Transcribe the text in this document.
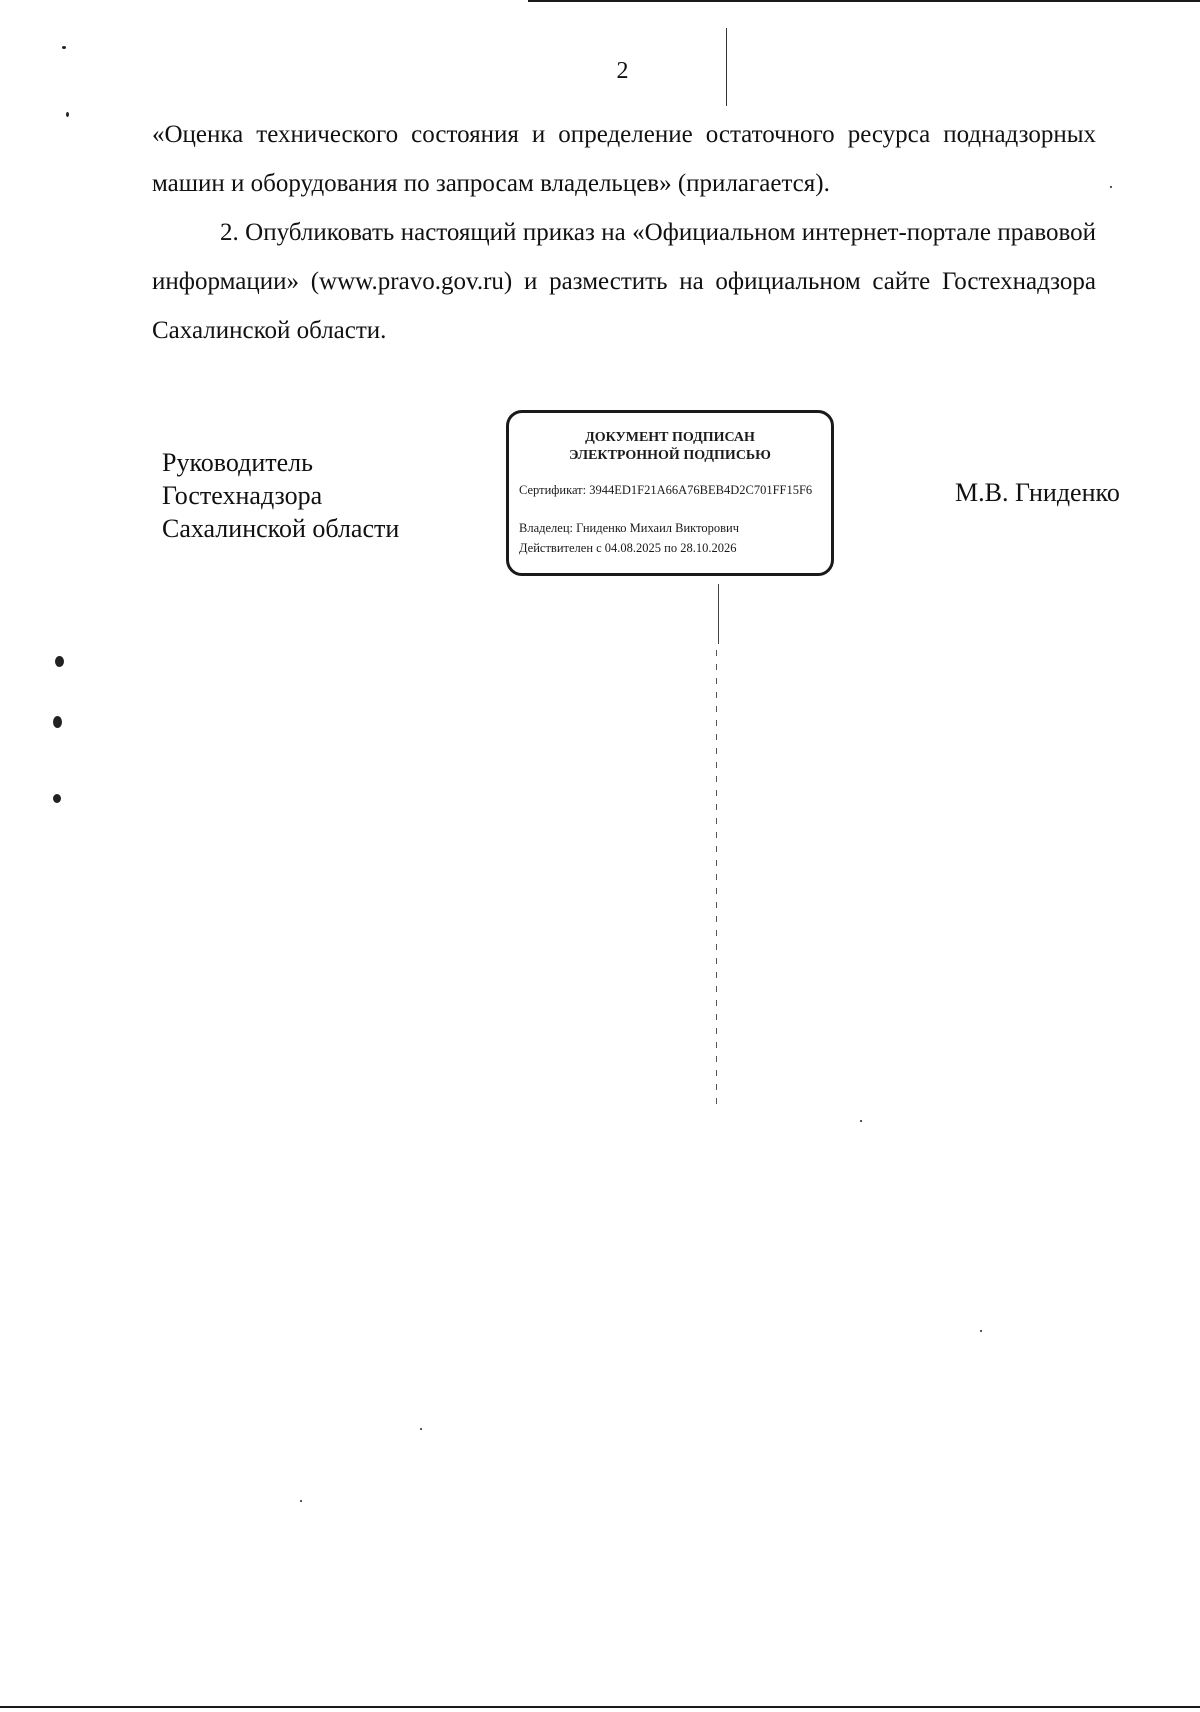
2

«Оценка технического состояния и определение остаточного ресурса поднадзорных машин и оборудования по запросам владельцев» (прилагается).

2. Опубликовать настоящий приказ на «Официальном интернет-портале правовой информации» (www.pravo.gov.ru) и разместить на официальном сайте Гостехнадзора Сахалинской области.

Руководитель
Гостехнадзора
Сахалинской области
ДОКУМЕНТ ПОДПИСАН
ЭЛЕКТРОННОЙ ПОДПИСЬЮ
Сертификат: 3944ED1F21A66A76BEB4D2C701FF15F6
Владелец: Гниденко Михаил Викторович
Действителен с 04.08.2025 по 28.10.2026
М.В. Гниденко
